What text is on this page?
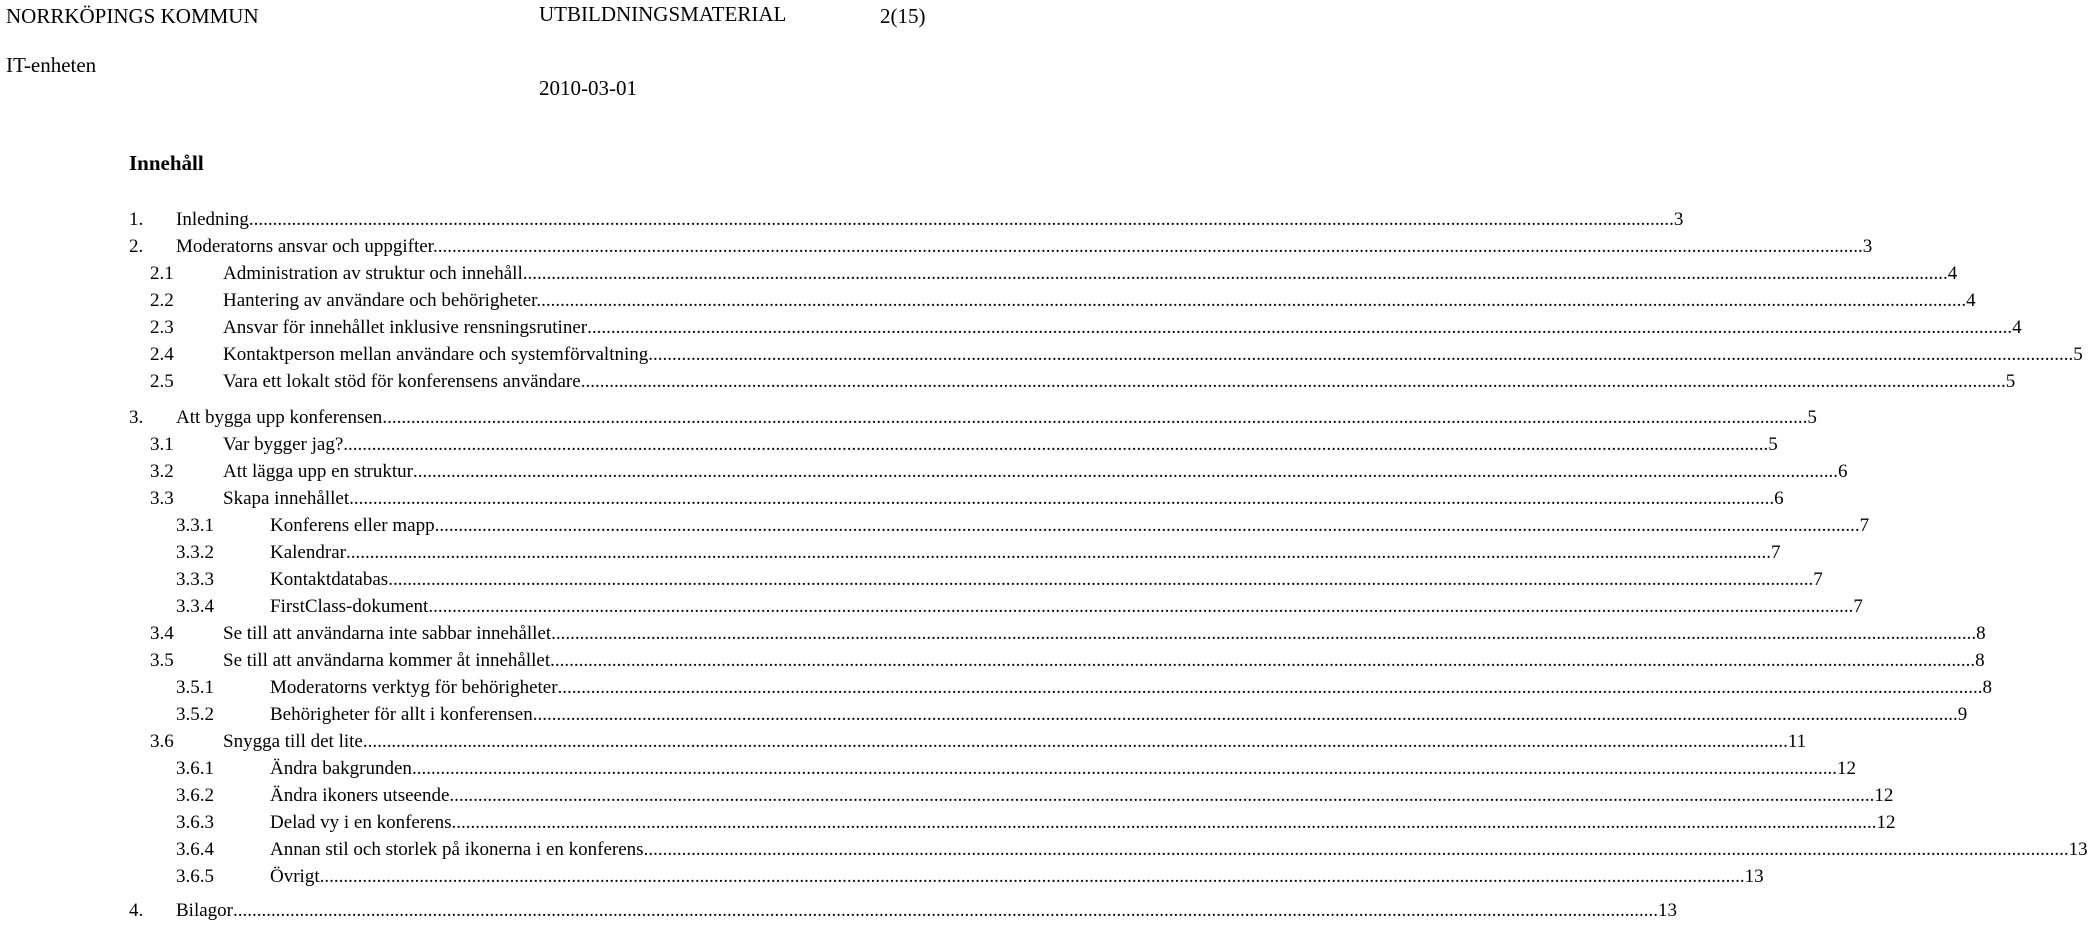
NORRKÖPINGS KOMMUN	UTBILDNINGSMATERIAL	2(15)
IT-enheten
2010-03-01
Innehåll
1. Inledning ............................................................................................................................................................................................................................................................................................................ 3
2. Moderatorns ansvar och uppgifter. ............................................................................................................................................................................................................................................................................................................ 3
2.1	Administration av struktur och innehåll ............................................................................................................................................................................................................................................................................................................ 4
2.2	Hantering av användare och behörigheter. ............................................................................................................................................................................................................................................................................................................ 4
2.3	Ansvar för innehållet inklusive rensningsrutiner ............................................................................................................................................................................................................................................................................................................ 4
2.4	Kontaktperson mellan användare och systemförvaltning ............................................................................................................................................................................................................................................................................................................ 5
2.5	Vara ett lokalt stöd för konferensens användare ............................................................................................................................................................................................................................................................................................................ 5
3. Att bygga upp konferensen ............................................................................................................................................................................................................................................................................................................ 5
3.1	Var bygger jag? ............................................................................................................................................................................................................................................................................................................ 5
3.2	Att lägga upp en struktur ............................................................................................................................................................................................................................................................................................................ 6
3.3	Skapa innehållet ............................................................................................................................................................................................................................................................................................................ 6
3.3.1	Konferens eller mapp ............................................................................................................................................................................................................................................................................................................ 7
3.3.2	Kalendrar ............................................................................................................................................................................................................................................................................................................ 7
3.3.3	Kontaktdatabas ............................................................................................................................................................................................................................................................................................................ 7
3.3.4	FirstClass-dokument ............................................................................................................................................................................................................................................................................................................ 7
3.4	Se till att användarna inte sabbar innehållet ............................................................................................................................................................................................................................................................................................................ 8
3.5	Se till att användarna kommer åt innehållet ............................................................................................................................................................................................................................................................................................................ 8
3.5.1	Moderatorns verktyg för behörigheter ............................................................................................................................................................................................................................................................................................................ 8
3.5.2	Behörigheter för allt i konferensen ............................................................................................................................................................................................................................................................................................................ 9
3.6	Snygga till det lite ............................................................................................................................................................................................................................................................................................................ 11
3.6.1	Ändra bakgrunden ............................................................................................................................................................................................................................................................................................................ 12
3.6.2	Ändra ikoners utseende ............................................................................................................................................................................................................................................................................................................ 12
3.6.3	Delad vy i en konferens ............................................................................................................................................................................................................................................................................................................ 12
3.6.4	Annan stil och storlek på ikonerna i en konferens ............................................................................................................................................................................................................................................................................................................ 13
3.6.5	Övrigt ............................................................................................................................................................................................................................................................................................................ 13
4. Bilagor ............................................................................................................................................................................................................................................................................................................ 13
